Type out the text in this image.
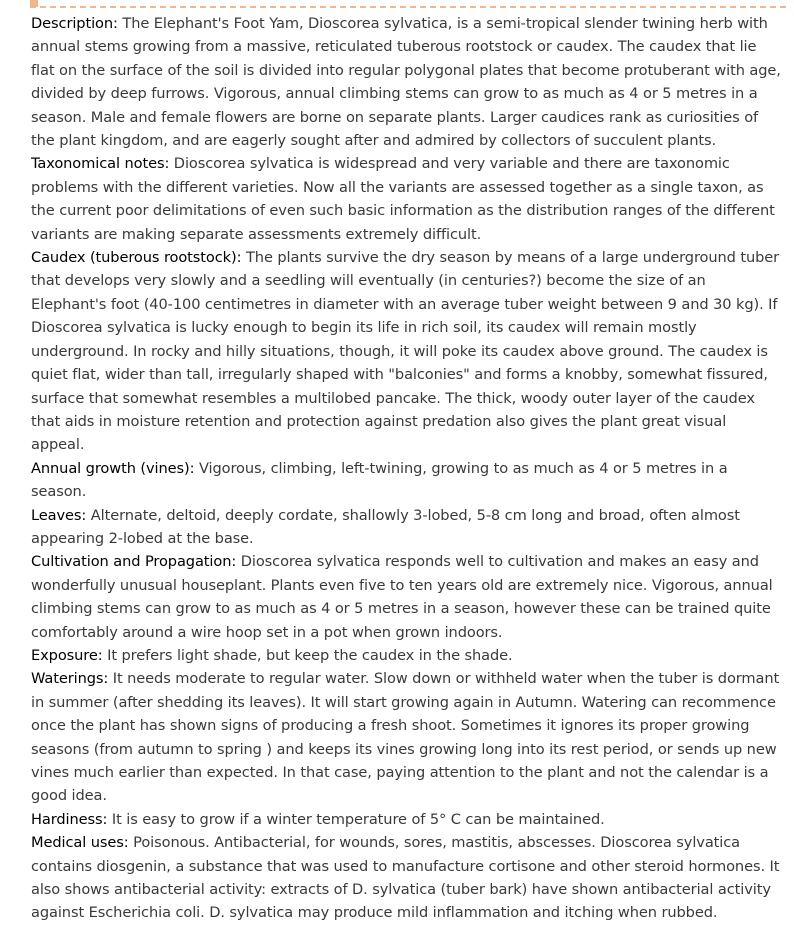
Description: The Elephant's Foot Yam, Dioscorea sylvatica, is a semi-tropical slender twining herb with annual stems growing from a massive, reticulated tuberous rootstock or caudex. The caudex that lie flat on the surface of the soil is divided into regular polygonal plates that become protuberant with age, divided by deep furrows. Vigorous, annual climbing stems can grow to as much as 4 or 5 metres in a season. Male and female flowers are borne on separate plants. Larger caudices rank as curiosities of the plant kingdom, and are eagerly sought after and admired by collectors of succulent plants.

Taxonomical notes: Dioscorea sylvatica is widespread and very variable and there are taxonomic problems with the different varieties. Now all the variants are assessed together as a single taxon, as the current poor delimitations of even such basic information as the distribution ranges of the different variants are making separate assessments extremely difficult.

Caudex (tuberous rootstock): The plants survive the dry season by means of a large underground tuber that develops very slowly and a seedling will eventually (in centuries?) become the size of an Elephant's foot (40-100 centimetres in diameter with an average tuber weight between 9 and 30 kg). If Dioscorea sylvatica is lucky enough to begin its life in rich soil, its caudex will remain mostly underground. In rocky and hilly situations, though, it will poke its caudex above ground. The caudex is quiet flat, wider than tall, irregularly shaped with "balconies" and forms a knobby, somewhat fissured, surface that somewhat resembles a multilobed pancake. The thick, woody outer layer of the caudex that aids in moisture retention and protection against predation also gives the plant great visual appeal.

Annual growth (vines): Vigorous, climbing, left-twining, growing to as much as 4 or 5 metres in a season.

Leaves: Alternate, deltoid, deeply cordate, shallowly 3-lobed, 5-8 cm long and broad, often almost appearing 2-lobed at the base.

Cultivation and Propagation: Dioscorea sylvatica responds well to cultivation and makes an easy and wonderfully unusual houseplant. Plants even five to ten years old are extremely nice. Vigorous, annual climbing stems can grow to as much as 4 or 5 metres in a season, however these can be trained quite comfortably around a wire hoop set in a pot when grown indoors.

Exposure: It prefers light shade, but keep the caudex in the shade.

Waterings: It needs moderate to regular water. Slow down or withheld water when the tuber is dormant in summer (after shedding its leaves). It will start growing again in Autumn. Watering can recommence once the plant has shown signs of producing a fresh shoot. Sometimes it ignores its proper growing seasons (from autumn to spring ) and keeps its vines growing long into its rest period, or sends up new vines much earlier than expected. In that case, paying attention to the plant and not the calendar is a good idea.

Hardiness: It is easy to grow if a winter temperature of 5° C can be maintained.

Medical uses: Poisonous. Antibacterial, for wounds, sores, mastitis, abscesses. Dioscorea sylvatica contains diosgenin, a substance that was used to manufacture cortisone and other steroid hormones. It also shows antibacterial activity: extracts of D. sylvatica (tuber bark) have shown antibacterial activity against Escherichia coli. D. sylvatica may produce mild inflammation and itching when rubbed.
